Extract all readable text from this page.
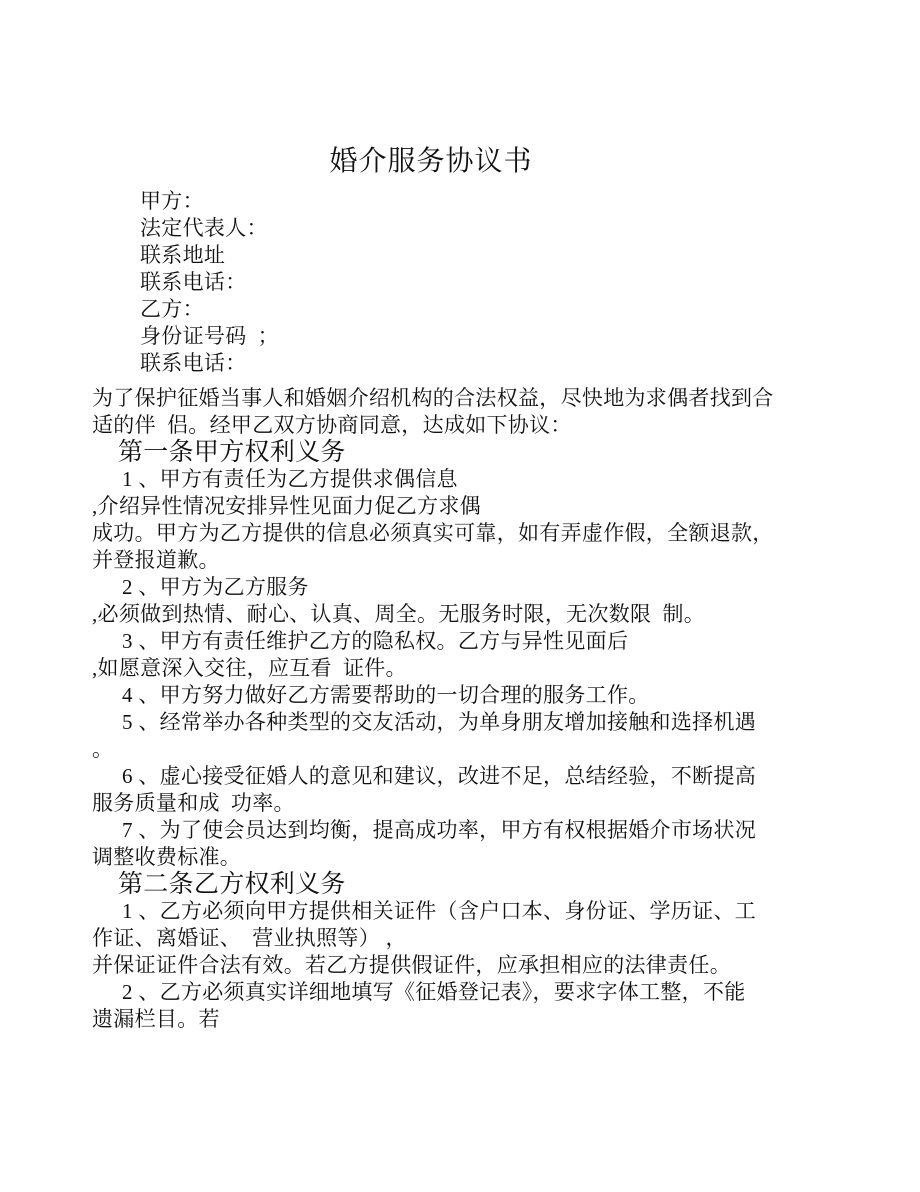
婚介服务协议书
甲方：
法定代表人：
联系地址
联系电话：
乙方：
身份证号码  ；
联系电话：
为了保护征婚当事人和婚姻介绍机构的合法权益，尽快地为求偶者找到合
适的伴  侣。经甲乙双方协商同意，达成如下协议：
第一条甲方权利义务
1 、甲方有责任为乙方提供求偶信息
,介绍异性情况安排异性见面力促乙方求偶
成功。甲方为乙方提供的信息必须真实可靠，如有弄虚作假，全额退款，
并登报道歉。
2 、甲方为乙方服务
,必须做到热情、耐心、认真、周全。无服务时限，无次数限  制。
3 、甲方有责任维护乙方的隐私权。乙方与异性见面后
,如愿意深入交往，应互看  证件。
4 、甲方努力做好乙方需要帮助的一切合理的服务工作。
5 、经常举办各种类型的交友活动，为单身朋友增加接触和选择机遇
。
6 、虚心接受征婚人的意见和建议，改进不足，总结经验，不断提高
服务质量和成  功率。
7 、为了使会员达到均衡，提高成功率，甲方有权根据婚介市场状况
调整收费标准。
第二条乙方权利义务
1 、乙方必须向甲方提供相关证件（含户口本、身份证、学历证、工
作证、离婚证、  营业执照等） ，
并保证证件合法有效。若乙方提供假证件，应承担相应的法律责任。
2 、乙方必须真实详细地填写《征婚登记表》，要求字体工整，不能
遗漏栏目。若
